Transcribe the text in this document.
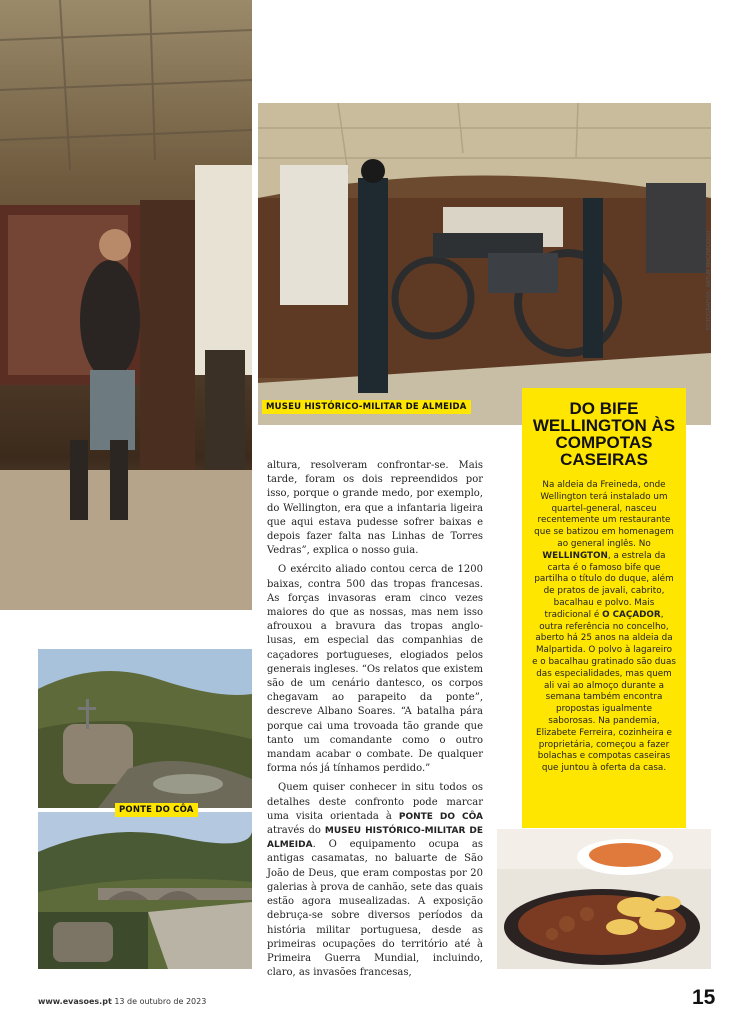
MUSEU HISTÓRICO-MILITAR DE ALMEIDA
FOTOGRAFIAS: ARTUR MACHADO/GI
PONTE DO CÔA

altura, resolveram confrontar-se. Mais tarde, foram os dois repreendidos por isso, porque o grande medo, por exemplo, do Wellington, era que a infantaria ligeira que aqui estava pudesse sofrer baixas e depois fazer falta nas Linhas de Torres Vedras”, explica o nosso guia.

O exército aliado contou cerca de 1200 baixas, contra 500 das tropas francesas. As forças invasoras eram cinco vezes maiores do que as nossas, mas nem isso afrouxou a bravura das tropas anglo-lusas, em especial das companhias de caçadores portugueses, elogiados pelos generais ingleses. “Os relatos que existem são de um cenário dantesco, os corpos chegavam ao parapeito da ponte”, descreve Albano Soares. “A batalha pára porque cai uma trovoada tão grande que tanto um comandante como o outro mandam acabar o combate. De qualquer forma nós já tínhamos perdido.”

Quem quiser conhecer in situ todos os detalhes deste confronto pode marcar uma visita orientada à PONTE DO CÔA através do MUSEU HISTÓRICO-MILITAR DE ALMEIDA. O equipamento ocupa as antigas casamatas, no baluarte de São João de Deus, que eram compostas por 20 galerias à prova de canhão, sete das quais estão agora musealizadas. A exposição debruça-se sobre diversos períodos da história militar portuguesa, desde as primeiras ocupações do território até à Primeira Guerra Mundial, incluindo, claro, as invasões francesas,

DO BIFE WELLINGTON ÀS COMPOTAS CASEIRAS
Na aldeia da Freineda, onde Wellington terá instalado um quartel-general, nasceu recentemente um restaurante que se batizou em homenagem ao general inglês. No WELLINGTON, a estrela da carta é o famoso bife que partilha o título do duque, além de pratos de javali, cabrito, bacalhau e polvo. Mais tradicional é O CAÇADOR, outra referência no concelho, aberto há 25 anos na aldeia da Malpartida. O polvo à lagareiro e o bacalhau gratinado são duas das especialidades, mas quem ali vai ao almoço durante a semana também encontra propostas igualmente saborosas. Na pandemia, Elizabete Ferreira, cozinheira e proprietária, começou a fazer bolachas e compotas caseiras que juntou à oferta da casa.
www.evasoes.pt 13 de outubro de 2023	15
